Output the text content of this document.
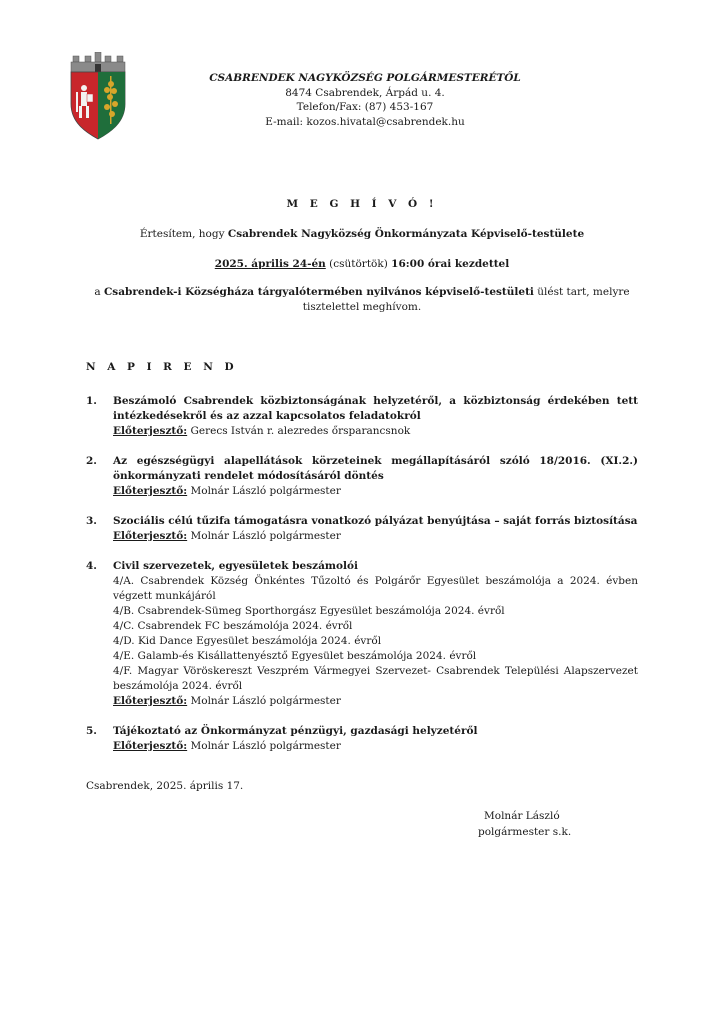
CSABRENDEK NAGYKÖZSÉG POLGÁRMESTERÉTŐL
8474 Csabrendek, Árpád u. 4.
Telefon/Fax: (87) 453-167
E-mail: kozos.hivatal@csabrendek.hu
M E G H Í V Ó !
Értesítem, hogy Csabrendek Nagyközség Önkormányzata Képviselő-testülete
2025. április 24-én (csütörtök) 16:00 órai kezdettel
a Csabrendek-i Községháza tárgyalótermében nyilvános képviselő-testületi ülést tart, melyre tisztelettel meghívom.
N A P I R E N D
1.	Beszámoló Csabrendek közbiztonságának helyzetéről, a közbiztonság érdekében tett intézkedésekről és az azzal kapcsolatos feladatokról
Előterjesztő: Gerecs István r. alezredes őrsparancsnok
2.	Az egészségügyi alapellátások körzeteinek megállapításáról szóló 18/2016. (XI.2.) önkormányzati rendelet módosításáról döntés
Előterjesztő: Molnár László polgármester
3.	Szociális célú tűzifa támogatásra vonatkozó pályázat benyújtása – saját forrás biztosítása
Előterjesztő: Molnár László polgármester
4.	Civil szervezetek, egyesületek beszámolói
4/A. Csabrendek Község Önkéntes Tűzoltó és Polgárőr Egyesület beszámolója a 2024. évben végzett munkájáról
4/B. Csabrendek-Sümeg Sporthorgász Egyesület beszámolója 2024. évről
4/C. Csabrendek FC beszámolója 2024. évről
4/D. Kid Dance Egyesület beszámolója 2024. évről
4/E. Galamb-és Kisállattenyésztő Egyesület beszámolója 2024. évről
4/F. Magyar Vöröskereszt Veszprém Vármegyei Szervezet- Csabrendek Települési Alapszervezet beszámolója 2024. évről
Előterjesztő: Molnár László polgármester
5.	Tájékoztató az Önkormányzat pénzügyi, gazdasági helyzetéről
Előterjesztő: Molnár László polgármester
Csabrendek, 2025. április 17.
Molnár László
polgármester s.k.
